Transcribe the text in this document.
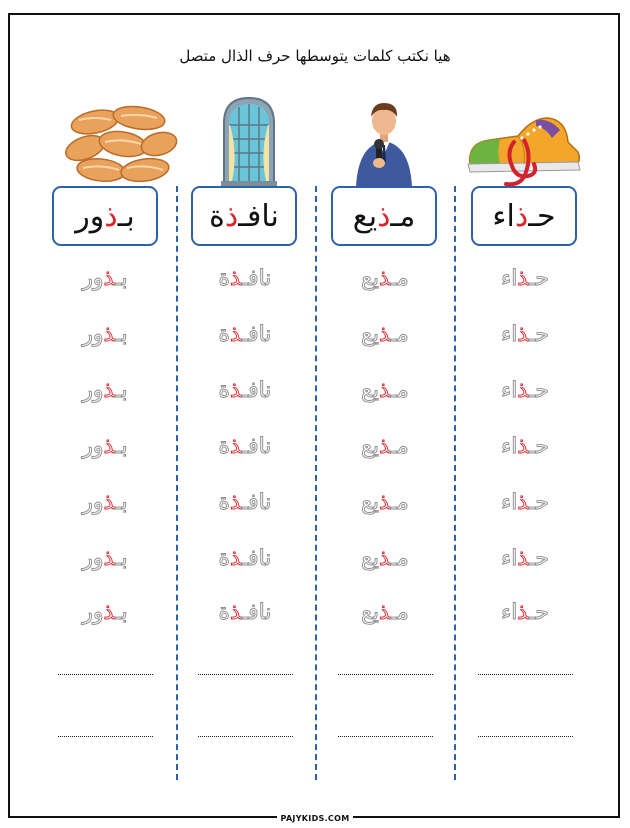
هيا نكتب كلمات يتوسطها حرف الذال متصل
بـ
ذ
ور	نافـ
ذ
ة	مـ
ذ
يع	حـ
ذ
اء
بـذور
بـذور
بـذور
بـذور
بـذور
بـذور
بـذور
نافـذة
نافـذة
نافـذة
نافـذة
نافـذة
نافـذة
نافـذة
مـذيع
مـذيع
مـذيع
مـذيع
مـذيع
مـذيع
مـذيع
حـذاء
حـذاء
حـذاء
حـذاء
حـذاء
حـذاء
حـذاء
PAJYKIDS.COM
